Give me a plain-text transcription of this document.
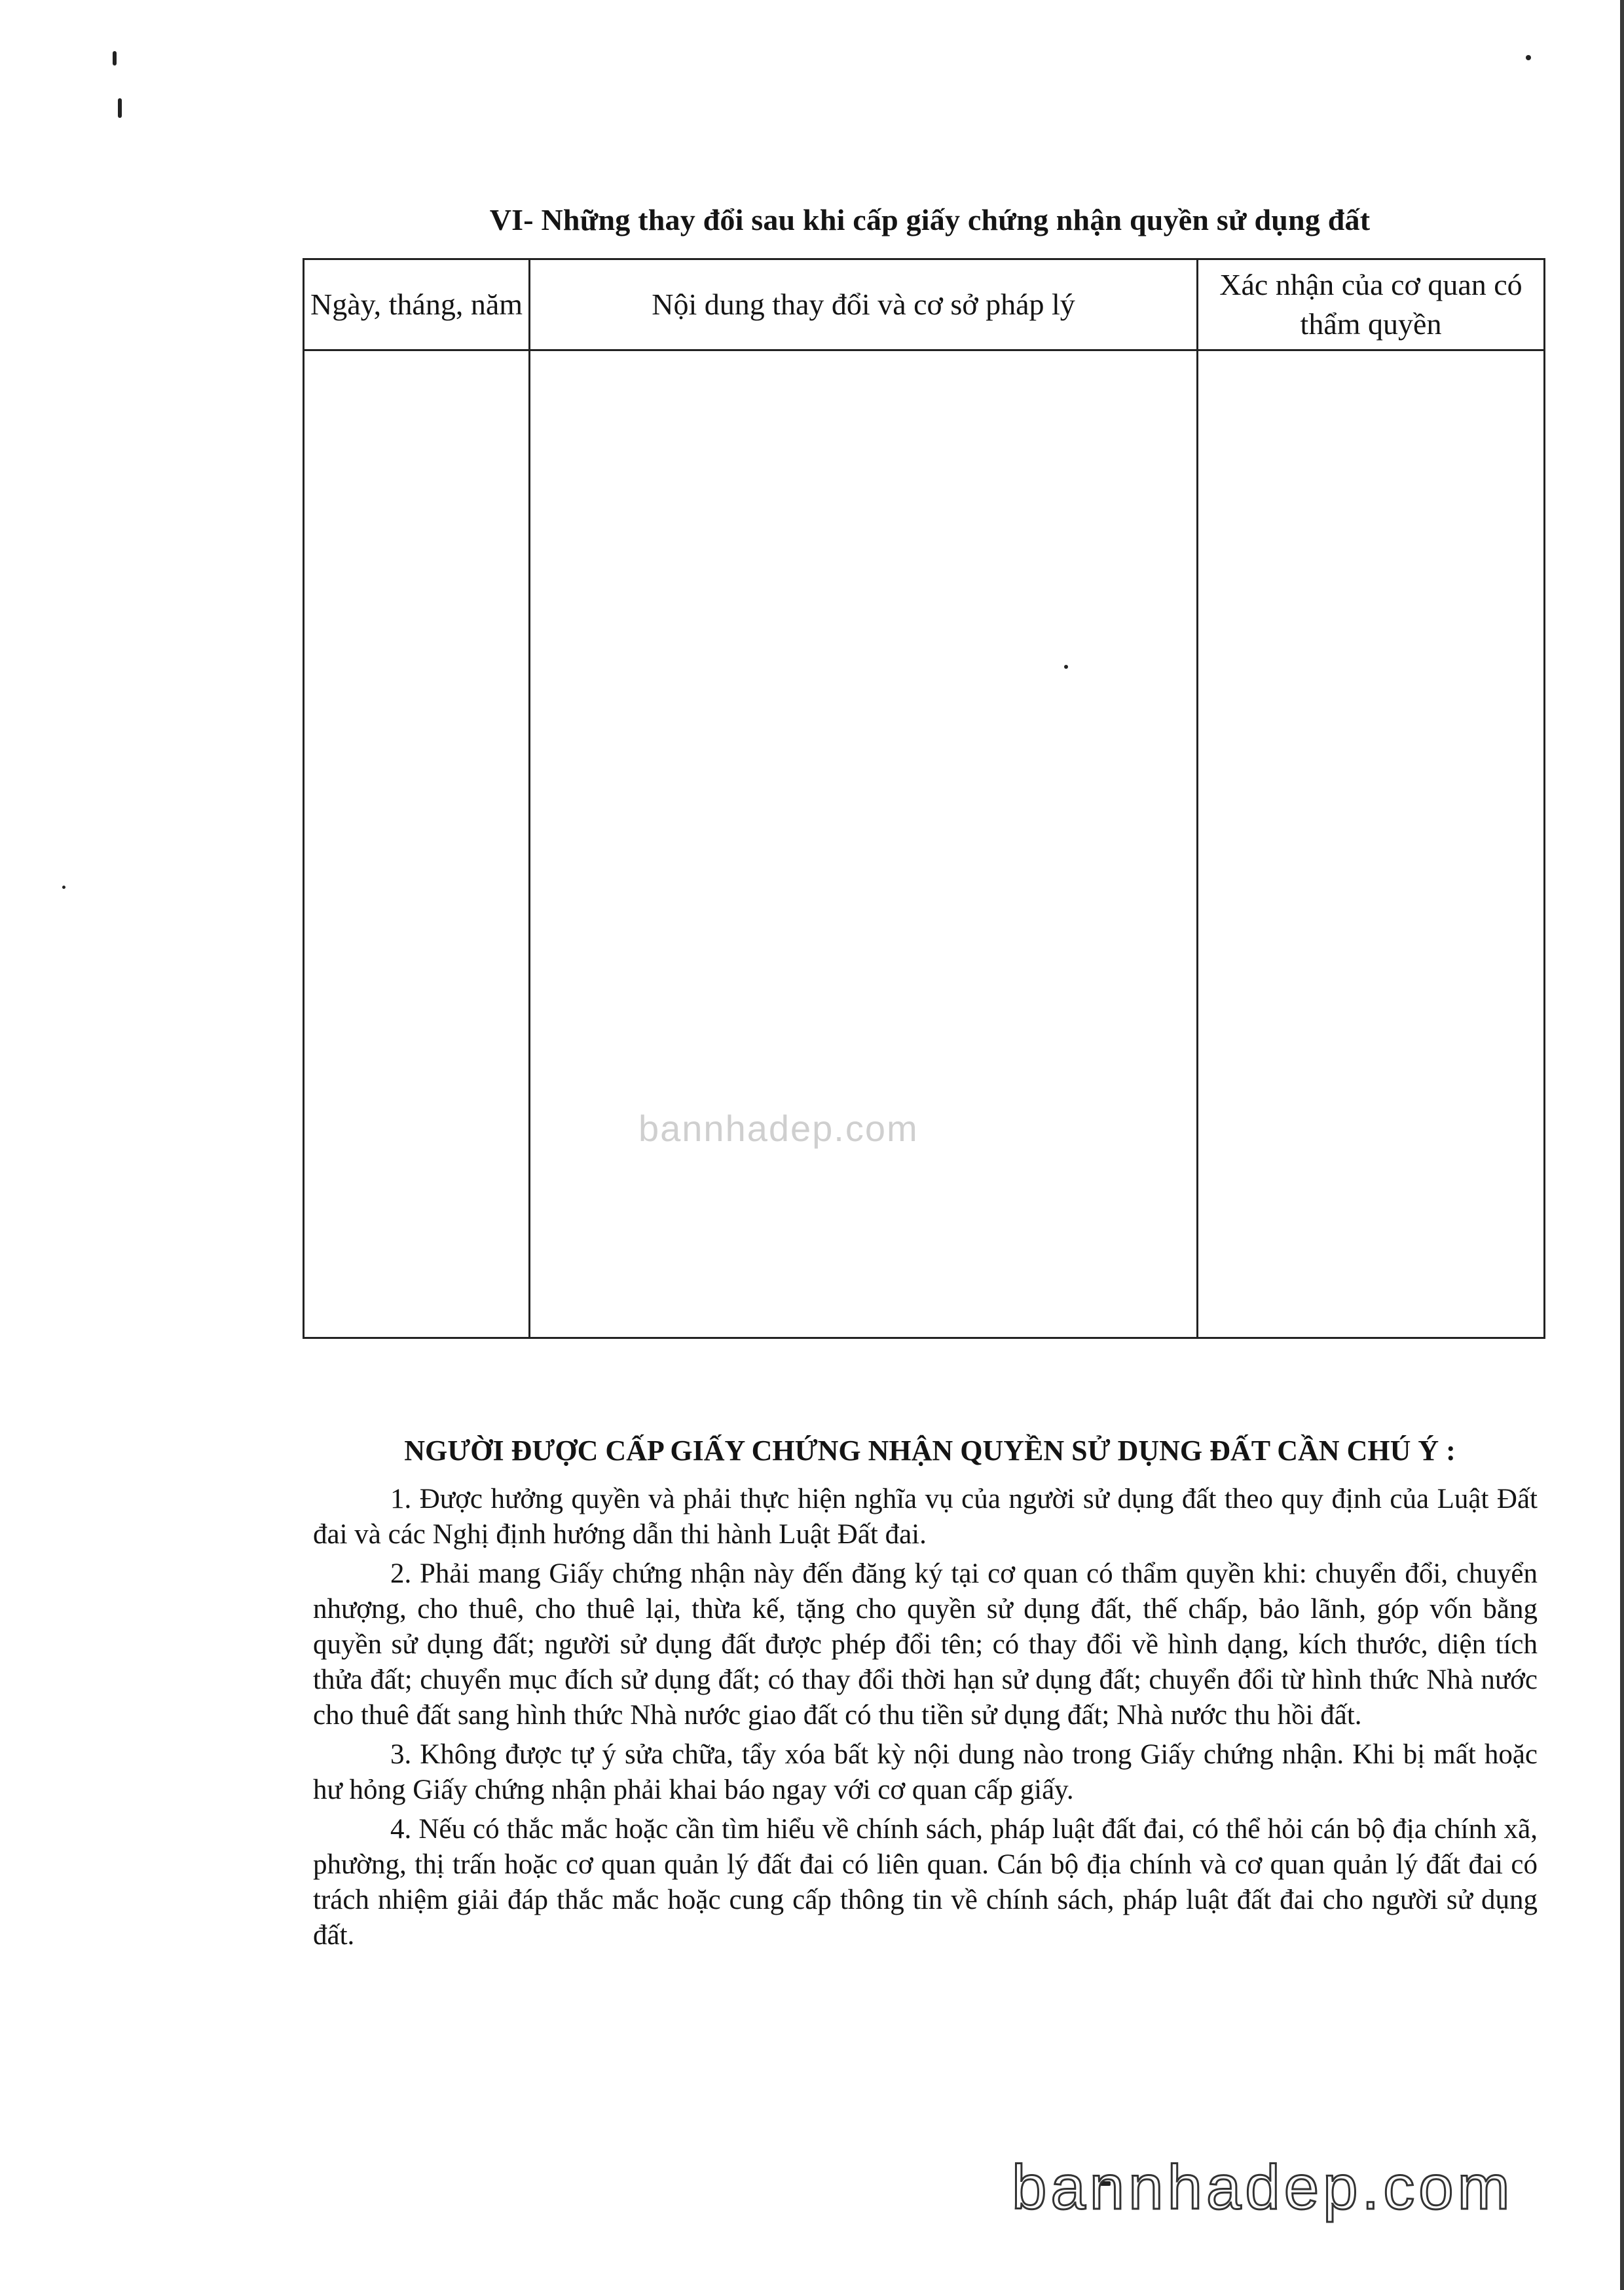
VI- Những thay đổi sau khi cấp giấy chứng nhận quyền sử dụng đất
Ngày, tháng, năm	Nội dung thay đổi và cơ sở pháp lý	Xác nhận của cơ quan có thẩm quyền

bannhadep.com
NGƯỜI ĐƯỢC CẤP GIẤY CHỨNG NHẬN QUYỀN SỬ DỤNG ĐẤT CẦN CHÚ Ý :

1. Được hưởng quyền và phải thực hiện nghĩa vụ của người sử dụng đất theo quy định của Luật Đất đai và các Nghị định hướng dẫn thi hành Luật Đất đai.

2. Phải mang Giấy chứng nhận này đến đăng ký tại cơ quan có thẩm quyền khi: chuyển đổi, chuyển nhượng, cho thuê, cho thuê lại, thừa kế, tặng cho quyền sử dụng đất, thế chấp, bảo lãnh, góp vốn bằng quyền sử dụng đất; người sử dụng đất được phép đổi tên; có thay đổi về hình dạng, kích thước, diện tích thửa đất; chuyển mục đích sử dụng đất; có thay đổi thời hạn sử dụng đất; chuyển đổi từ hình thức Nhà nước cho thuê đất sang hình thức Nhà nước giao đất có thu tiền sử dụng đất; Nhà nước thu hồi đất.

3. Không được tự ý sửa chữa, tẩy xóa bất kỳ nội dung nào trong Giấy chứng nhận. Khi bị mất hoặc hư hỏng Giấy chứng nhận phải khai báo ngay với cơ quan cấp giấy.

4. Nếu có thắc mắc hoặc cần tìm hiểu về chính sách, pháp luật đất đai, có thể hỏi cán bộ địa chính xã, phường, thị trấn hoặc cơ quan quản lý đất đai có liên quan. Cán bộ địa chính và cơ quan quản lý đất đai có trách nhiệm giải đáp thắc mắc hoặc cung cấp thông tin về chính sách, pháp luật đất đai cho người sử dụng đất.

bannhadep.com
